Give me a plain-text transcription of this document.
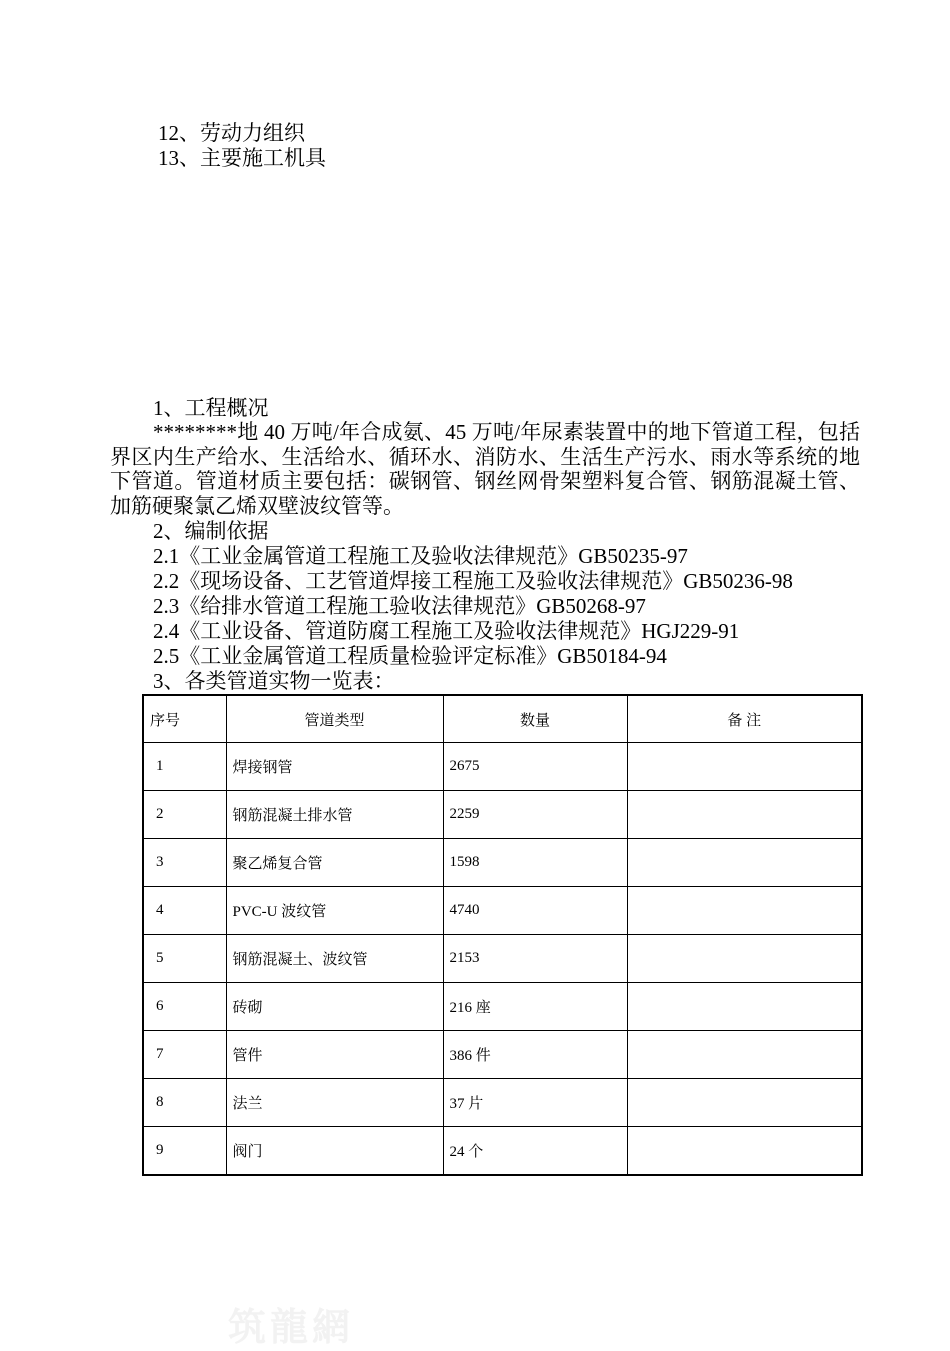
12、劳动力组织
13、主要施工机具
1、工程概况
********地 40 万吨/年合成氨、45 万吨/年尿素装置中的地下管道工程，包括界区内生产给水、生活给水、循环水、消防水、生活生产污水、雨水等系统的地下管道。管道材质主要包括：碳钢管、钢丝网骨架塑料复合管、钢筋混凝土管、加筋硬聚氯乙烯双壁波纹管等。
2、编制依据
2.1《工业金属管道工程施工及验收法律规范》GB50235-97
2.2《现场设备、工艺管道焊接工程施工及验收法律规范》GB50236-98
2.3《给排水管道工程施工验收法律规范》GB50268-97
2.4《工业设备、管道防腐工程施工及验收法律规范》HGJ229-91
2.5《工业金属管道工程质量检验评定标准》GB50184-94
3、各类管道实物一览表：
序号	管道类型	数量	备 注
1	焊接钢管	2675	
2	钢筋混凝土排水管	2259	
3	聚乙烯复合管	1598	
4	PVC-U 波纹管	4740	
5	钢筋混凝土、波纹管	2153	
6	砖砌	216 座	
7	管件	386 件	
8	法兰	37 片	
9	阀门	24 个	
筑龍網
